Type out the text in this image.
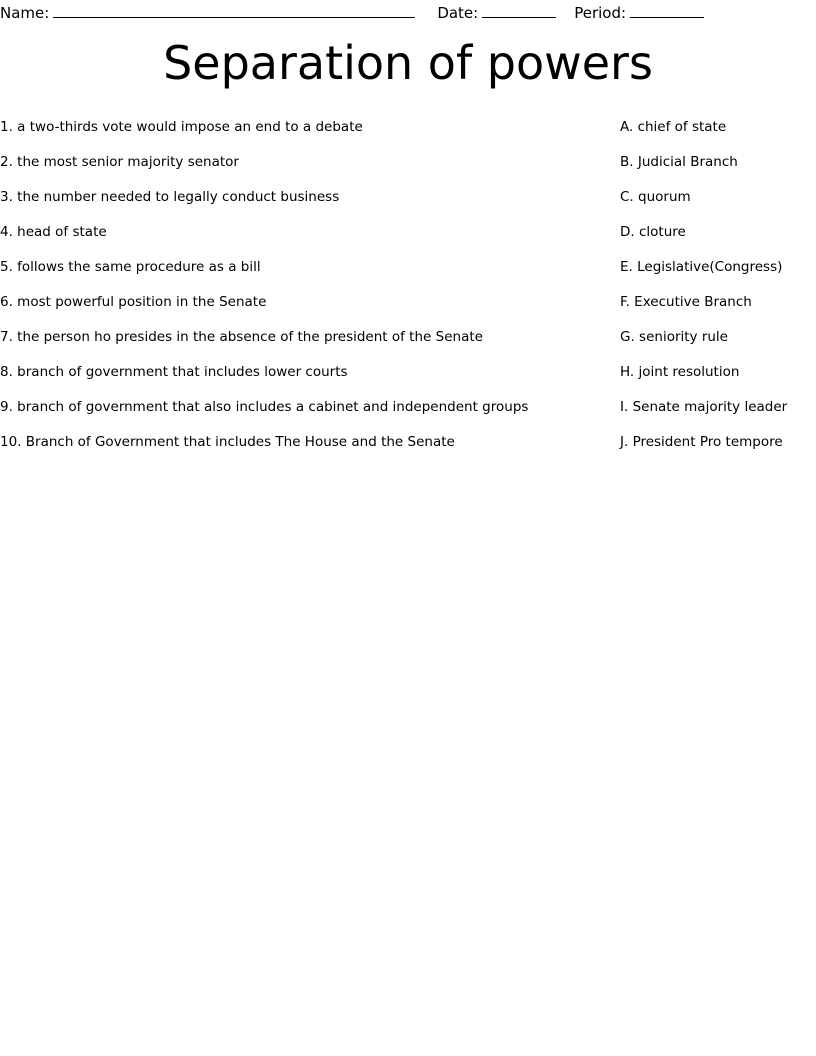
Name:	Date:	Period:
Separation of powers
1. a two-thirds vote would impose an end to a debate
2. the most senior majority senator
3. the number needed to legally conduct business
4. head of state
5. follows the same procedure as a bill
6. most powerful position in the Senate
7. the person ho presides in the absence of the president of the Senate
8. branch of government that includes lower courts
9. branch of government that also includes a cabinet and independent groups
10. Branch of Government that includes The House and the Senate
A. chief of state
B. Judicial Branch
C. quorum
D. cloture
E. Legislative(Congress)
F. Executive Branch
G. seniority rule
H. joint resolution
I. Senate majority leader
J. President Pro tempore
